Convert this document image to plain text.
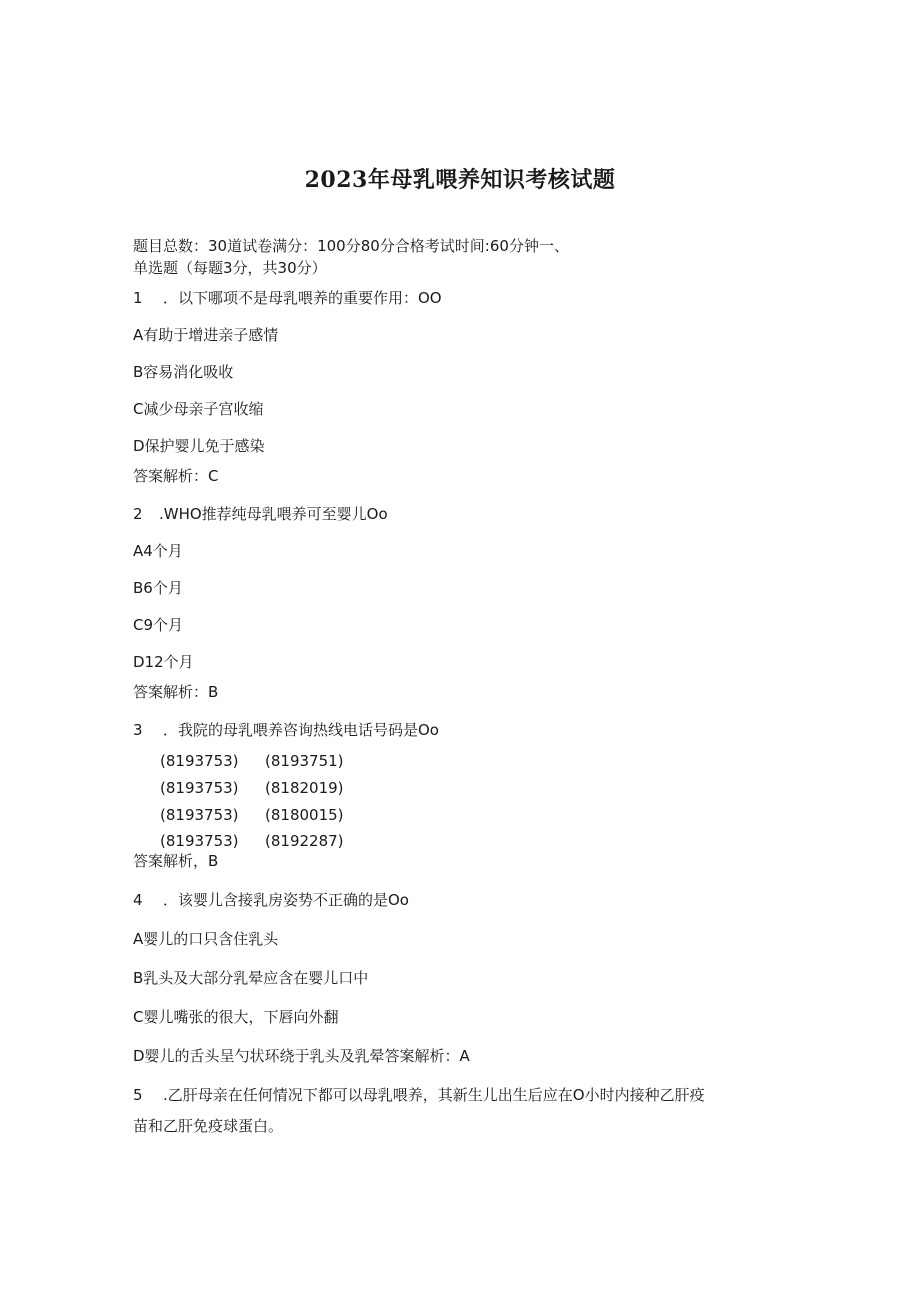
2023年母乳喂养知识考核试题
题目总数：30道试卷满分：100分80分合格考试时间:60分钟一、
单选题（每题3分，共30分）
1 ．以下哪项不是母乳喂养的重要作用：OO
A有助于增进亲子感情
B容易消化吸收
C减少母亲子宫收缩
D保护婴儿免于感染
答案解析：C
2 .WHO推荐纯母乳喂养可至婴儿Oo
A4个月
B6个月
C9个月
D12个月
答案解析：B
3 ．我院的母乳喂养咨询热线电话号码是Oo
(8193753) (8193751)
(8193753) (8182019)
(8193753) (8180015)
(8193753) (8192287)
答案解析，B
4 ．该婴儿含接乳房姿势不正确的是Oo
A婴儿的口只含住乳头
B乳头及大部分乳晕应含在婴儿口中
C婴儿嘴张的很大，下唇向外翻
D婴儿的舌头呈勺状环绕于乳头及乳晕答案解析：A
5 .乙肝母亲在任何情况下都可以母乳喂养，其新生儿出生后应在O小时内接种乙肝疫
苗和乙肝免疫球蛋白。
